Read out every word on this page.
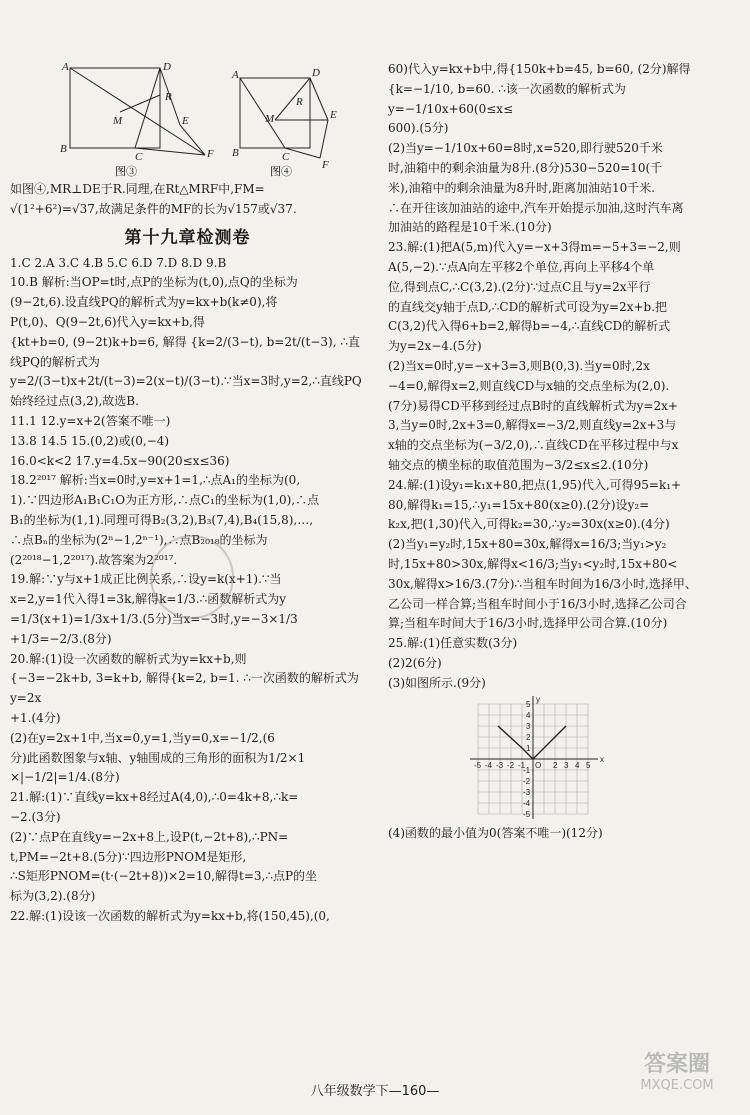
A	D
M
R
E
B
C	F
图③
A	D
M
R
E
B	C
F
图④

如图④,MR⊥DE于R.同理,在Rt△MRF中,FM=

√(1²+6²)=√37,故满足条件的MF的长为√157或√37.

第十九章检测卷

1.C 2.A 3.C 4.B 5.C 6.D 7.D 8.D 9.B

10.B 解析:当OP=t时,点P的坐标为(t,0),点Q的坐标为

(9−2t,6).设直线PQ的解析式为y=kx+b(k≠0),将

P(t,0)、Q(9−2t,6)代入y=kx+b,得

{kt+b=0, (9−2t)k+b=6, 解得 {k=2/(3−t), b=2t/(t−3), ∴直线PQ的解析式为

y=2/(3−t)x+2t/(t−3)=2(x−t)/(3−t).∵当x=3时,y=2,∴直线PQ

始终经过点(3,2),故选B.

11.1 12.y=x+2(答案不唯一)

13.8 14.5 15.(0,2)或(0,−4)

16.0<k<2 17.y=4.5x−90(20≤x≤36)

18.2²⁰¹⁷ 解析:当x=0时,y=x+1=1,∴点A₁的坐标为(0,

1).∵四边形A₁B₁C₁O为正方形,∴点C₁的坐标为(1,0),∴点

B₁的坐标为(1,1).同理可得B₂(3,2),B₃(7,4),B₄(15,8),…,

∴点Bₙ的坐标为(2ⁿ−1,2ⁿ⁻¹),∴点B₂₀₁₈的坐标为

(2²⁰¹⁸−1,2²⁰¹⁷).故答案为2²⁰¹⁷.

19.解:∵y与x+1成正比例关系,∴设y=k(x+1).∵当

x=2,y=1代入得1=3k,解得k=1/3.∴函数解析式为y

=1/3(x+1)=1/3x+1/3.(5分)当x=−3时,y=−3×1/3

+1/3=−2/3.(8分)

20.解:(1)设一次函数的解析式为y=kx+b,则

{−3=−2k+b, 3=k+b, 解得{k=2, b=1. ∴一次函数的解析式为y=2x

+1.(4分)

(2)在y=2x+1中,当x=0,y=1,当y=0,x=−1/2,(6

分)此函数图象与x轴、y轴围成的三角形的面积为1/2×1

×|−1/2|=1/4.(8分)

21.解:(1)∵直线y=kx+8经过A(4,0),∴0=4k+8,∴k=

−2.(3分)

(2)∵点P在直线y=−2x+8上,设P(t,−2t+8),∴PN=

t,PM=−2t+8.(5分)∵四边形PNOM是矩形,

∴S矩形PNOM=(t·(−2t+8))×2=10,解得t=3,∴点P的坐

标为(3,2).(8分)

22.解:(1)设该一次函数的解析式为y=kx+b,将(150,45),(0,

60)代入y=kx+b中,得{150k+b=45, b=60, (2分)解得

{k=−1/10, b=60. ∴该一次函数的解析式为y=−1/10x+60(0≤x≤

600).(5分)

(2)当y=−1/10x+60=8时,x=520,即行驶520千米

时,油箱中的剩余油量为8升.(8分)530−520=10(千

米),油箱中的剩余油量为8升时,距离加油站10千米.

∴在开往该加油站的途中,汽车开始提示加油,这时汽车离

加油站的路程是10千米.(10分)

23.解:(1)把A(5,m)代入y=−x+3得m=−5+3=−2,则

A(5,−2).∵点A向左平移2个单位,再向上平移4个单

位,得到点C,∴C(3,2).(2分)∵过点C且与y=2x平行

的直线交y轴于点D,∴CD的解析式可设为y=2x+b.把

C(3,2)代入得6+b=2,解得b=−4,∴直线CD的解析式

为y=2x−4.(5分)

(2)当x=0时,y=−x+3=3,则B(0,3).当y=0时,2x

−4=0,解得x=2,则直线CD与x轴的交点坐标为(2,0).

(7分)易得CD平移到经过点B时的直线解析式为y=2x+

3,当y=0时,2x+3=0,解得x=−3/2,则直线y=2x+3与

x轴的交点坐标为(−3/2,0),∴直线CD在平移过程中与x

轴交点的横坐标的取值范围为−3/2≤x≤2.(10分)

24.解:(1)设y₁=k₁x+80,把点(1,95)代入,可得95=k₁+

80,解得k₁=15,∴y₁=15x+80(x≥0).(2分)设y₂=

k₂x,把(1,30)代入,可得k₂=30,∴y₂=30x(x≥0).(4分)

(2)当y₁=y₂时,15x+80=30x,解得x=16/3;当y₁>y₂

时,15x+80>30x,解得x<16/3;当y₁<y₂时,15x+80<

30x,解得x>16/3.(7分)∴当租车时间为16/3小时,选择甲、

乙公司一样合算;当租车时间小于16/3小时,选择乙公司合

算;当租车时间大于16/3小时,选择甲公司合算.(10分)

25.解:(1)任意实数(3分)

(2)2(6分)

(3)如图所示.(9分)

-5 -4 -3 -2 -1 O 2 3 4 5
x
y
5
4
3
2
1
-1
-2
-3
-4
-5

(4)函数的最小值为0(答案不唯一)(12分)

八年级数学下—160—
答案圈
MXQE.COM
